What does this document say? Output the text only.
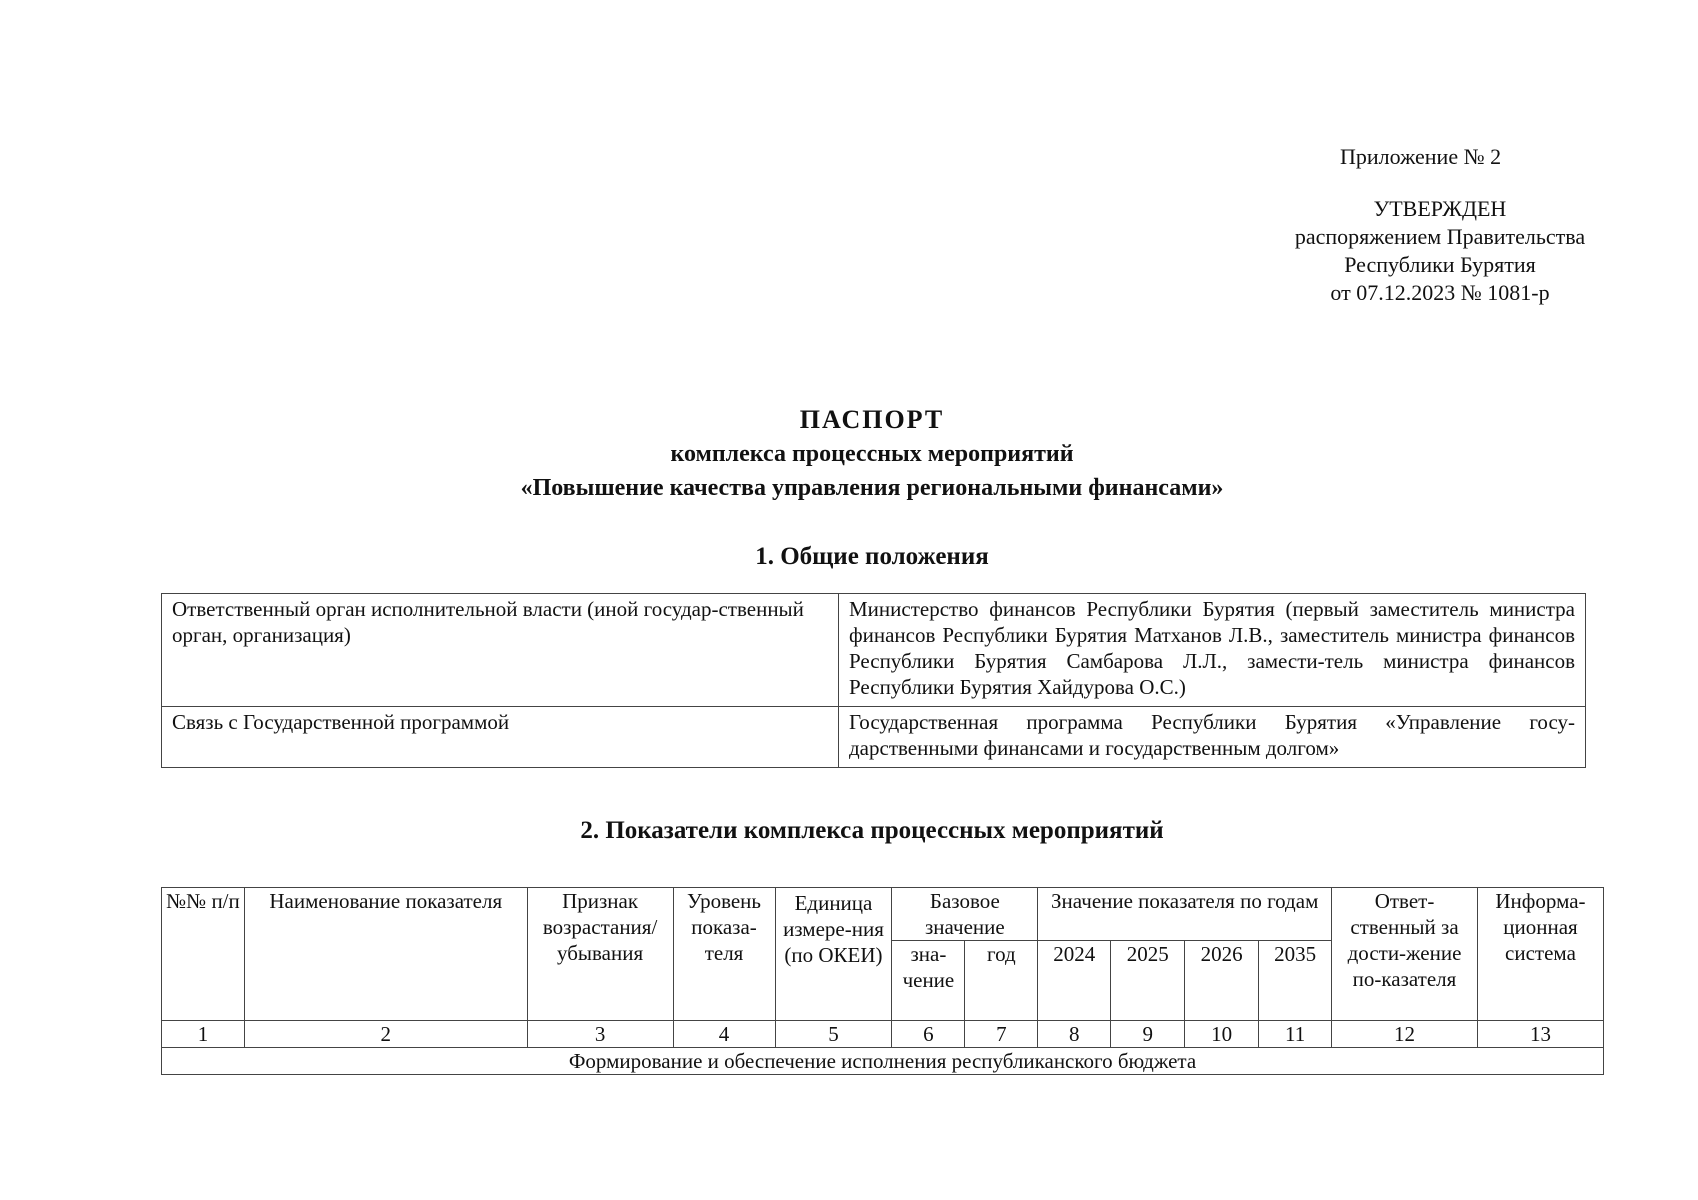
Приложение № 2
УТВЕРЖДЕН
распоряжением Правительства
Республики Бурятия
от 07.12.2023 № 1081-р
ПАСПОРТ
комплекса процессных мероприятий
«Повышение качества управления региональными финансами»
1. Общие положения
Ответственный орган исполнительной власти (иной государ-ственный орган, организация)	Министерство финансов Республики Бурятия (первый заместитель министра финансов Республики Бурятия Матханов Л.В., заместитель министра финансов Республики Бурятия Самбарова Л.Л., замести-тель министра финансов Республики Бурятия Хайдурова О.С.)
Связь с Государственной программой	Государственная программа Республики Бурятия «Управление госу-дарственными финансами и государственным долгом»
2. Показатели комплекса процессных мероприятий
№№ п/п	Наименование показателя	Признак возрастания/ убывания	Уровень показа-теля	Единица измере-ния (по ОКЕИ)	Базовое значение		Значение показателя по годам				Ответ-ственный за дости-жение по-казателя	Информа-ционная система
					зна-чение	год	2024	2025	2026	2035		
1	2	3	4	5	6	7	8	9	10	11	12	13
Формирование и обеспечение исполнения республиканского бюджета												
